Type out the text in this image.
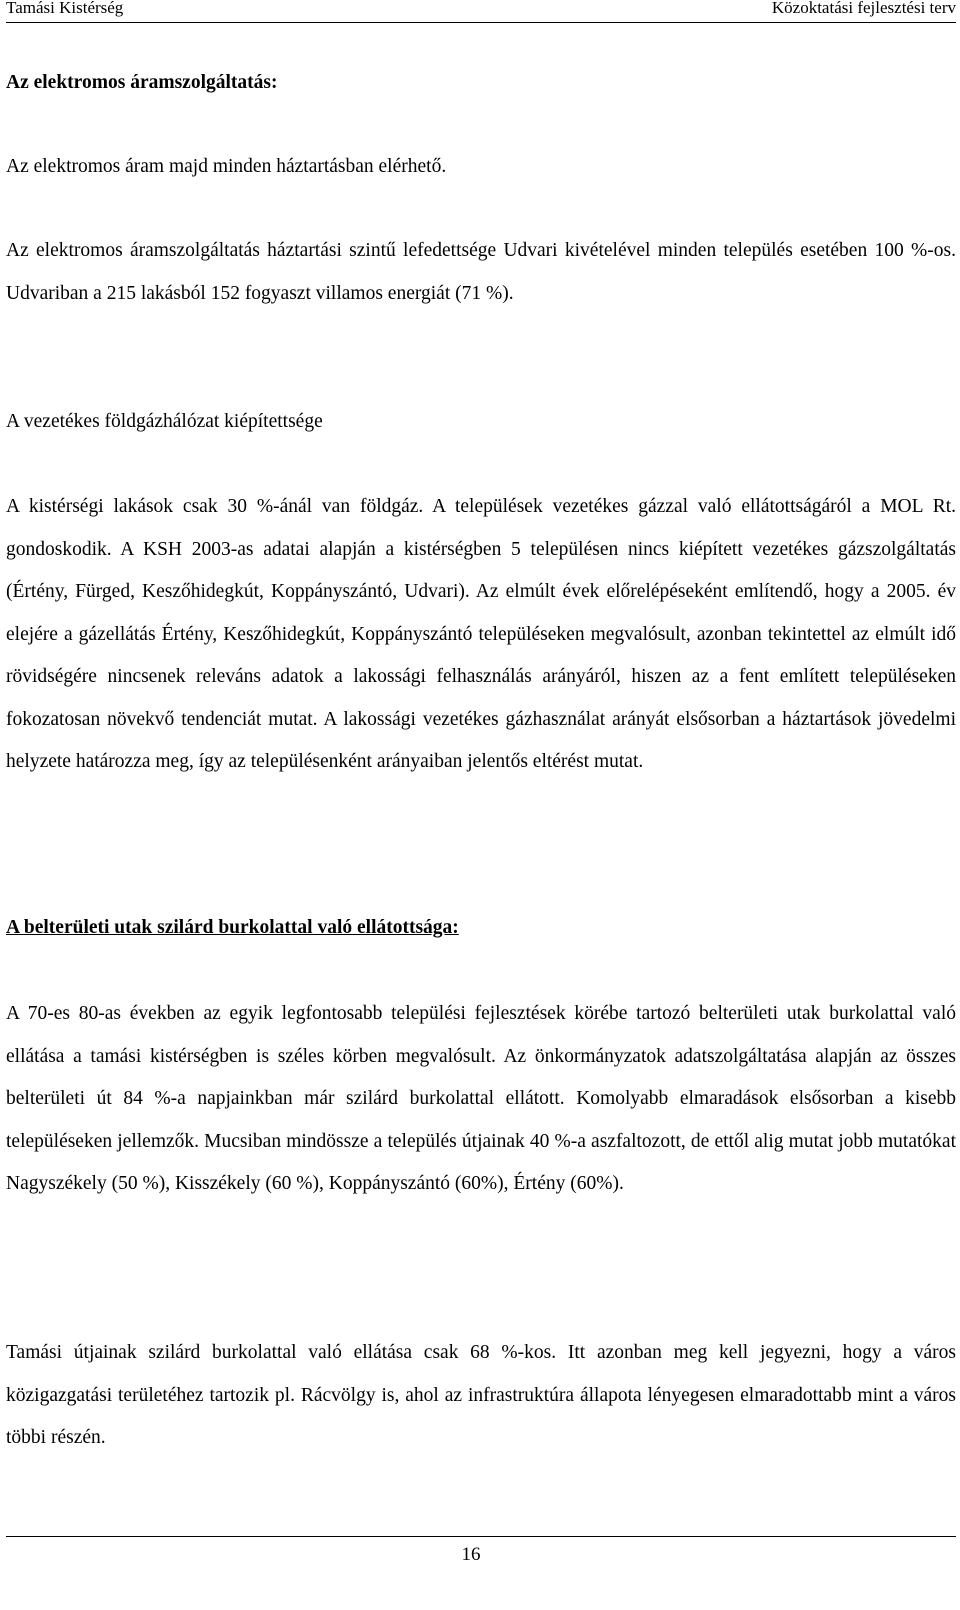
Tamási Kistérség	Közoktatási fejlesztési terv

Az elektromos áramszolgáltatás:

Az elektromos áram majd minden háztartásban elérhető.

Az elektromos áramszolgáltatás háztartási szintű lefedettsége Udvari kivételével minden település esetében 100 %-os. Udvariban a 215 lakásból 152 fogyaszt villamos energiát (71 %).

A vezetékes földgázhálózat kiépítettsége

A kistérségi lakások csak 30 %-ánál van földgáz. A települések vezetékes gázzal való ellátottságáról a MOL Rt. gondoskodik. A KSH 2003-as adatai alapján a kistérségben 5 településen nincs kiépített vezetékes gázszolgáltatás (Értény, Fürged, Keszőhidegkút, Koppányszántó, Udvari). Az elmúlt évek előrelépéseként említendő, hogy a 2005. év elejére a gázellátás Értény, Keszőhidegkút, Koppányszántó településeken megvalósult, azonban tekintettel az elmúlt idő rövidségére nincsenek releváns adatok a lakossági felhasználás arányáról, hiszen az a fent említett településeken fokozatosan növekvő tendenciát mutat. A lakossági vezetékes gázhasználat arányát elsősorban a háztartások jövedelmi helyzete határozza meg, így az településenként arányaiban jelentős eltérést mutat.

A belterületi utak szilárd burkolattal való ellátottsága:

A 70-es 80-as években az egyik legfontosabb települési fejlesztések körébe tartozó belterületi utak burkolattal való ellátása a tamási kistérségben is széles körben megvalósult. Az önkormányzatok adatszolgáltatása alapján az összes belterületi út 84 %-a napjainkban már szilárd burkolattal ellátott. Komolyabb elmaradások elsősorban a kisebb településeken jellemzők. Mucsiban mindössze a település útjainak 40 %-a aszfaltozott, de ettől alig mutat jobb mutatókat Nagyszékely (50 %), Kisszékely (60 %), Koppányszántó (60%), Értény (60%).

Tamási útjainak szilárd burkolattal való ellátása csak 68 %-kos. Itt azonban meg kell jegyezni, hogy a város közigazgatási területéhez tartozik pl. Rácvölgy is, ahol az infrastruktúra állapota lényegesen elmaradottabb mint a város többi részén.

16
